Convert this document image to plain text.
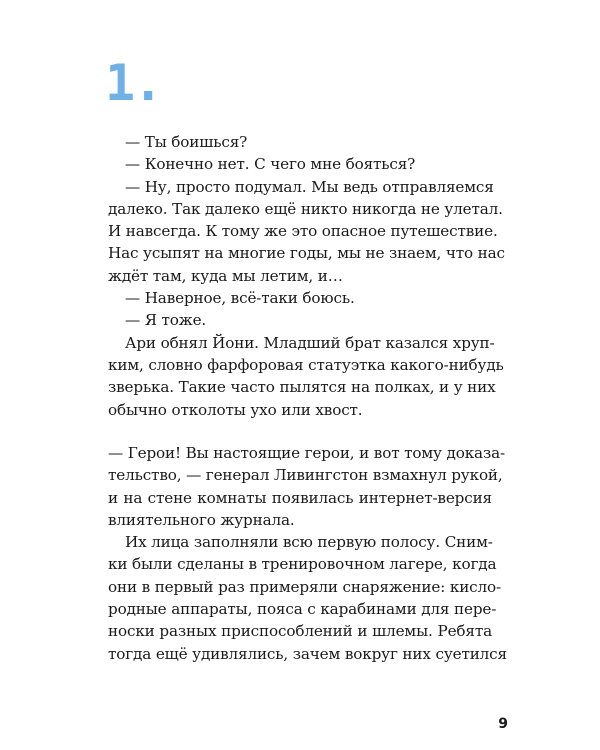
1.
— Ты боишься?
— Конечно нет. С чего мне бояться?
— Ну, просто подумал. Мы ведь отправляемся
далеко. Так далеко ещё никто никогда не улетал.
И навсегда. К тому же это опасное путешествие.
Нас усыпят на многие годы, мы не знаем, что нас
ждёт там, куда мы летим, и…
— Наверное, всё-таки боюсь.
— Я тоже.
Ари обнял Йони. Младший брат казался хруп-
ким, словно фарфоровая статуэтка какого-нибудь
зверька. Такие часто пылятся на полках, и у них
обычно отколоты ухо или хвост.
— Герои! Вы настоящие герои, и вот тому доказа-
тельство, — генерал Ливингстон взмахнул рукой,
и на стене комнаты появилась интернет-версия
влиятельного журнала.
Их лица заполняли всю первую полосу. Сним-
ки были сделаны в тренировочном лагере, когда
они в первый раз примеряли снаряжение: кисло-
родные аппараты, пояса с карабинами для пере-
носки разных приспособлений и шлемы. Ребята
тогда ещё удивлялись, зачем вокруг них суетился
9
